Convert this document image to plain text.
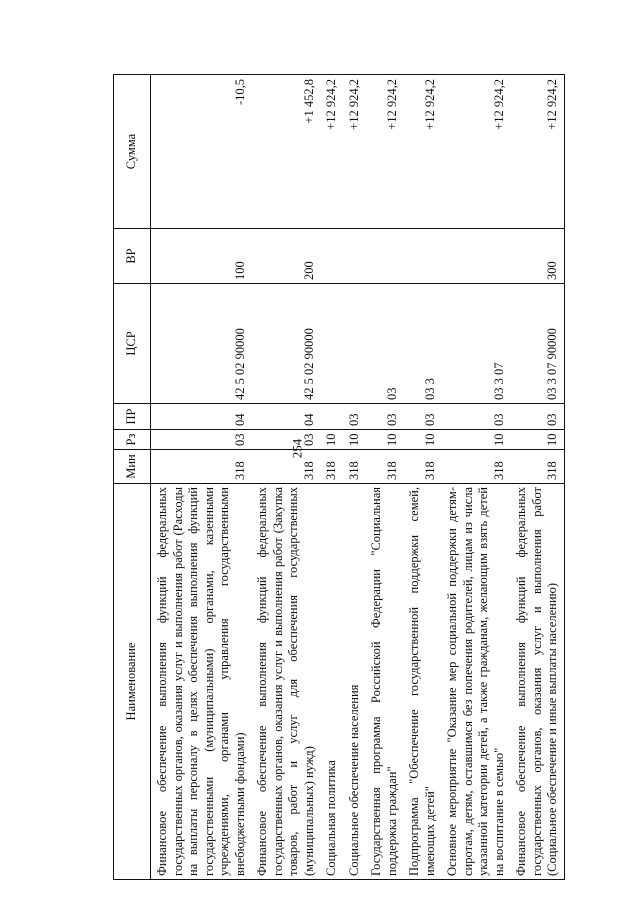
254
Наименование	Мин	Рз	ПР	ЦСР	ВР	Сумма
Финансовое обеспечение выполнения функций федеральных государственных органов, оказания услуг и выполнения работ (Расходы на выплаты персоналу в целях обеспечения выполнения функций государственными (муниципальными) органами, казенными учреждениями, органами управления государственными внебюджетными фондами)	318	03	04	42 5 02 90000	100	-10,5
Финансовое обеспечение выполнения функций федеральных государственных органов, оказания услуг и выполнения работ (Закупка товаров, работ и услуг для обеспечения государственных (муниципальных) нужд)	318	03	04	42 5 02 90000	200	+1 452,8
Социальная политика	318	10				+12 924,2
Социальное обеспечение населения	318	10	03			+12 924,2
Государственная программа Российской Федерации "Социальная поддержка граждан"	318	10	03	03		+12 924,2
Подпрограмма "Обеспечение государственной поддержки семей, имеющих детей"	318	10	03	03 3		+12 924,2
Основное мероприятие "Оказание мер социальной поддержки детям-сиротам, детям, оставшимся без попечения родителей, лицам из числа указанной категории детей, а также гражданам, желающим взять детей на воспитание в семью"	318	10	03	03 3 07		+12 924,2
Финансовое обеспечение выполнения функций федеральных государственных органов, оказания услуг и выполнения работ (Социальное обеспечение и иные выплаты населению)	318	10	03	03 3 07 90000	300	+12 924,2
